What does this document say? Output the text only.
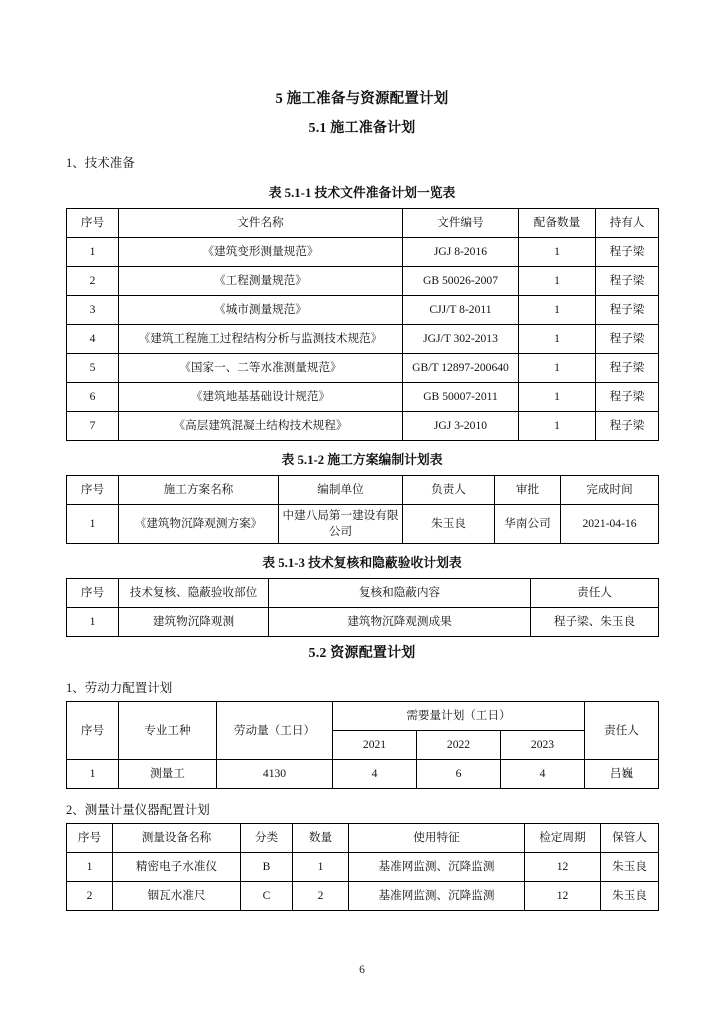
5 施工准备与资源配置计划
5.1 施工准备计划

1、技术准备

表 5.1-1 技术文件准备计划一览表
序号	文件名称	文件编号	配备数量	持有人
1	《建筑变形测量规范》	JGJ 8-2016	1	程子梁
2	《工程测量规范》	GB 50026-2007	1	程子梁
3	《城市测量规范》	CJJ/T 8-2011	1	程子梁
4	《建筑工程施工过程结构分析与监测技术规范》	JGJ/T 302-2013	1	程子梁
5	《国家一、二等水准测量规范》	GB/T 12897-200640	1	程子梁
6	《建筑地基基础设计规范》	GB 50007-2011	1	程子梁
7	《高层建筑混凝土结构技术规程》	JGJ 3-2010	1	程子梁
表 5.1-2 施工方案编制计划表
序号	施工方案名称	编制单位	负责人	审批	完成时间
1	《建筑物沉降观测方案》	中建八局第一建设有限公司	朱玉良	华南公司	2021-04-16
表 5.1-3 技术复核和隐蔽验收计划表
序号	技术复核、隐蔽验收部位	复核和隐蔽内容	责任人
1	建筑物沉降观测	建筑物沉降观测成果	程子梁、朱玉良
5.2 资源配置计划

1、劳动力配置计划

序号	专业工种	劳动量（工日）	需要量计划（工日）			责任人
			2021	2022	2023	
1	测量工	4130	4	6	4	吕巍

2、测量计量仪器配置计划

序号	测量设备名称	分类	数量	使用特征	检定周期	保管人
1	精密电子水准仪	B	1	基准网监测、沉降监测	12	朱玉良
2	铟瓦水准尺	C	2	基准网监测、沉降监测	12	朱玉良
6
